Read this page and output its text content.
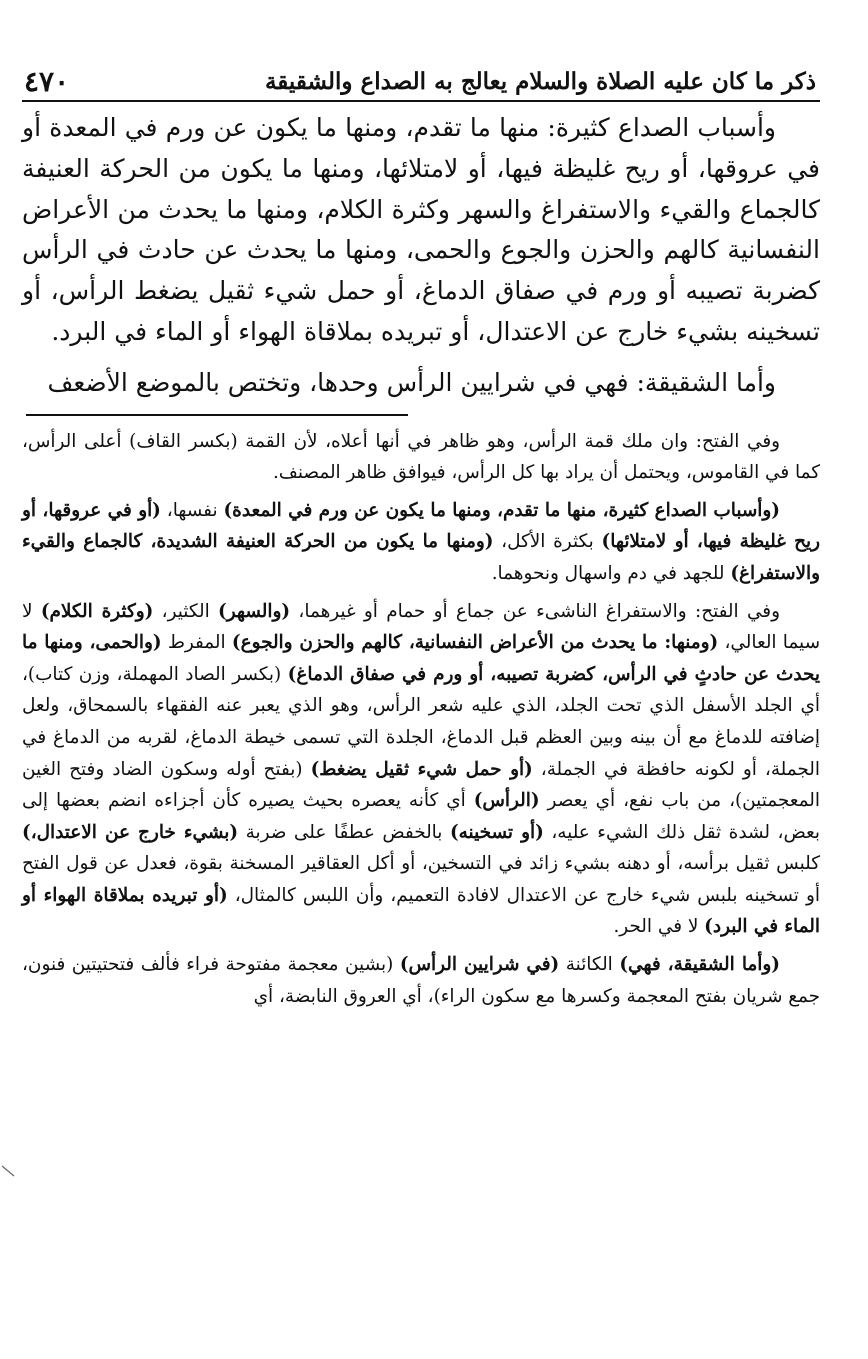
ذكر ما كان عليه الصلاة والسلام يعالج به الصداع والشقيقة
٤٧٠

وأسباب الصداع كثيرة: منها ما تقدم، ومنها ما يكون عن ورم في المعدة أو في عروقها، أو ريح غليظة فيها، أو لامتلائها، ومنها ما يكون من الحركة العنيفة كالجماع والقيء والاستفراغ والسهر وكثرة الكلام، ومنها ما يحدث من الأعراض النفسانية كالهم والحزن والجوع والحمى، ومنها ما يحدث عن حادث في الرأس كضربة تصيبه أو ورم في صفاق الدماغ، أو حمل شيء ثقيل يضغط الرأس، أو تسخينه بشيء خارج عن الاعتدال، أو تبريده بملاقاة الهواء أو الماء في البرد.

وأما الشقيقة: فهي في شرايين الرأس وحدها، وتختص بالموضع الأضعف

وفي الفتح: وان ملك قمة الرأس، وهو ظاهر في أنها أعلاه، لأن القمة (بكسر القاف) أعلى الرأس، كما في القاموس، ويحتمل أن يراد بها كل الرأس، فيوافق ظاهر المصنف.

(وأسباب الصداع كثيرة، منها ما تقدم، ومنها ما يكون عن ورم في المعدة) نفسها، (أو في عروقها، أو ريح غليظة فيها، أو لامتلائها) بكثرة الأكل، (ومنها ما يكون من الحركة العنيفة الشديدة، كالجماع والقيء والاستفراغ) للجهد في دم واسهال ونحوهما.

وفي الفتح: والاستفراغ الناشىء عن جماع أو حمام أو غيرهما، (والسهر) الكثير، (وكثرة الكلام) لا سيما العالي، (ومنها: ما يحدث من الأعراض النفسانية، كالهم والحزن والجوع) المفرط (والحمى، ومنها ما يحدث عن حادثٍ في الرأس، كضربة تصيبه، أو ورم في صفاق الدماغ) (بكسر الصاد المهملة، وزن كتاب)، أي الجلد الأسفل الذي تحت الجلد، الذي عليه شعر الرأس، وهو الذي يعبر عنه الفقهاء بالسمحاق، ولعل إضافته للدماغ مع أن بينه وبين العظم قبل الدماغ، الجلدة التي تسمى خيطة الدماغ، لقربه من الدماغ في الجملة، أو لكونه حافظة في الجملة، (أو حمل شيء ثقيل يضغط) (بفتح أوله وسكون الضاد وفتح الغين المعجمتين)، من باب نفع، أي يعصر (الرأس) أي كأنه يعصره بحيث يصيره كأن أجزاءه انضم بعضها إلى بعض، لشدة ثقل ذلك الشيء عليه، (أو تسخينه) بالخفض عطفًا على ضربة (بشيء خارج عن الاعتدال،) كلبس ثقيل برأسه، أو دهنه بشيء زائد في التسخين، أو أكل العقاقير المسخنة بقوة، فعدل عن قول الفتح أو تسخينه بلبس شيء خارج عن الاعتدال لافادة التعميم، وأن اللبس كالمثال، (أو تبريده بملاقاة الهواء أو الماء في البرد) لا في الحر.

(وأما الشقيقة، فهي) الكائنة (في شرايين الرأس) (بشين معجمة مفتوحة فراء فألف فتحتيتين فنون، جمع شريان بفتح المعجمة وكسرها مع سكون الراء)، أي العروق النابضة، أي
